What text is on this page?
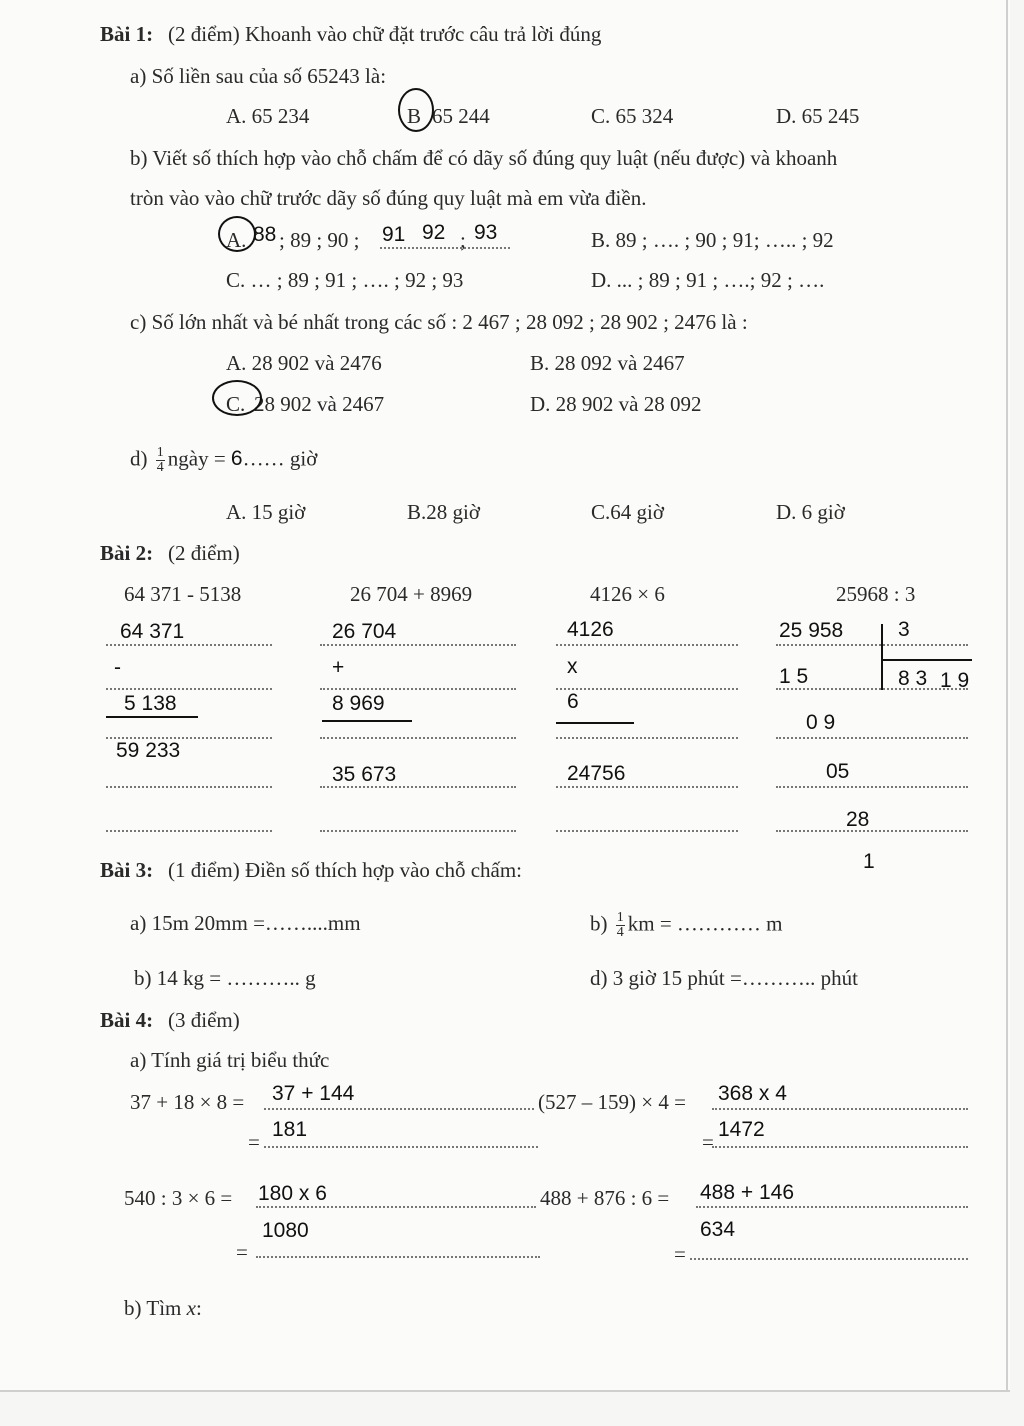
Bài 1: (2 điểm) Khoanh vào chữ đặt trước câu trả lời đúng
a) Số liền sau của số 65243 là:
A. 65 234	B 65 244	C. 65 324	D. 65 245
b) Viết số thích hợp vào chỗ chấm để có dãy số đúng quy luật (nếu được) và khoanh
tròn vào vào chữ trước dãy số đúng quy luật mà em vừa điền.
A. 88 ; 89 ; 90 ; 91 92 93
;	B. 89 ; …. ; 90 ; 91; ….. ; 92
C. … ; 89 ; 91 ; …. ; 92 ; 93	D. ... ; 89 ; 91 ; ….; 92 ; ….
c) Số lớn nhất và bé nhất trong các số : 2 467 ; 28 092 ; 28 902 ; 2476 là :
A. 28 902 và 2476	B. 28 092 và 2467
C. 28 902 và 2467	D. 28 902 và 28 092
$d) \frac{1}{4}$ ngày = 6…… giờ
A. 15 giờ	B.28 giờ	C.64 giờ	D. 6 giờ
Bài 2: (2 điểm)
64 371 - 5138	26 704 + 8969	4126 × 6	25968 : 3
64 371
-
5 138
59 233
26 704
+
8 969
35 673
4126
x
6
24756
25 958	3
8 3 1 9
1 5
0 9
05
28
1
Bài 3: (1 điểm) Điền số thích hợp vào chỗ chấm:
a) 15m 20mm =……....mm	$b) \frac{1}{4}$ km = ………… m
b) 14 kg = ……….. g	d) 3 giờ 15 phút =……….. phút
Bài 4: (3 điểm)
a) Tính giá trị biểu thức
37 + 18 × 8 = 37 + 144
=
181
(527 – 159) × 4 = 368 x 4
=
1472
540 : 3 × 6 = 180 x 6
=
1080
488 + 876 : 6 = 488 + 146
=
634
b) Tìm x:
